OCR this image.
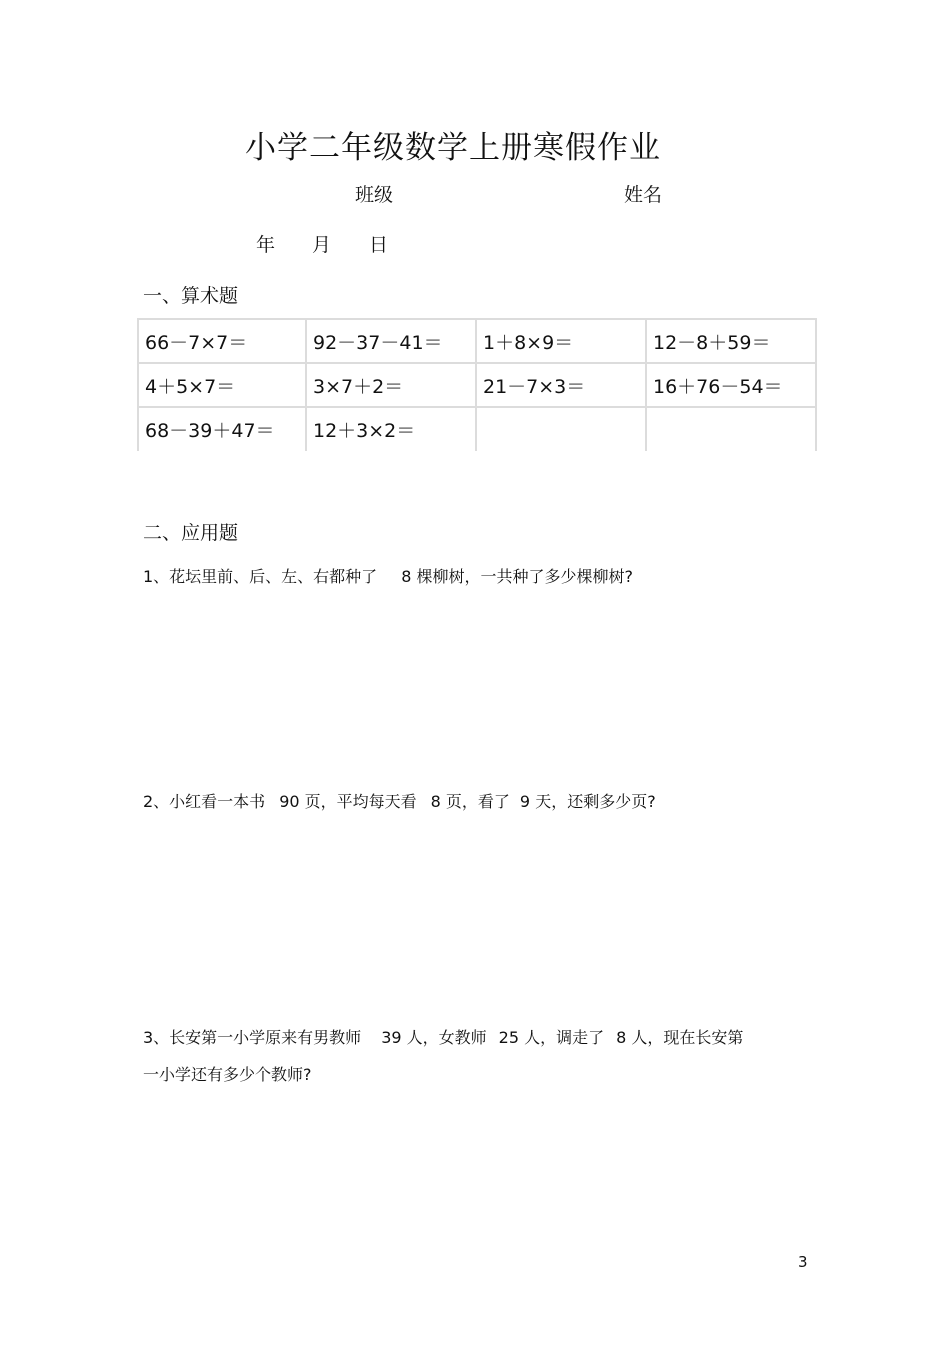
小学二年级数学上册寒假作业
班级	姓名
年 月 日
一、算术题
66－7×7＝	92－37－41＝	1＋8×9＝	12－8＋59＝
4＋5×7＝	3×7＋2＝	21－7×3＝	16＋76－54＝
68－39＋47＝	12＋3×2＝		
二、应用题
1、花坛里前、后、左、右都种了 8 棵柳树，一共种了多少棵柳树?
2、小红看一本书 90 页，平均每天看 8 页，看了 9 天，还剩多少页?
3、长安第一小学原来有男教师 39 人，女教师 25 人，调走了 8 人，现在长安第
一小学还有多少个教师?
3
